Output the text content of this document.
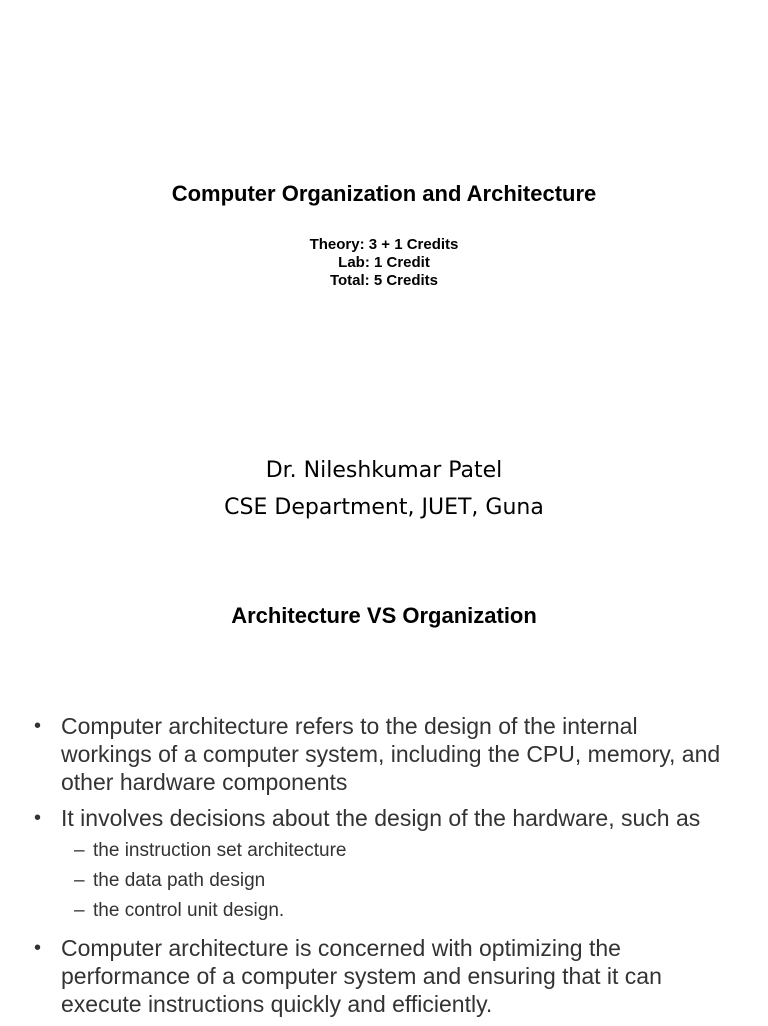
Computer Organization and Architecture
Theory: 3 + 1 Credits
Lab: 1 Credit
Total: 5 Credits
Dr. Nileshkumar Patel
CSE Department, JUET, Guna
Architecture VS Organization
• Computer architecture refers to the design of the internal workings of a computer system, including the CPU, memory, and other hardware components
• It involves decisions about the design of the hardware, such as
– the instruction set architecture
– the data path design
– the control unit design.
• Computer architecture is concerned with optimizing the performance of a computer system and ensuring that it can execute instructions quickly and efficiently.
